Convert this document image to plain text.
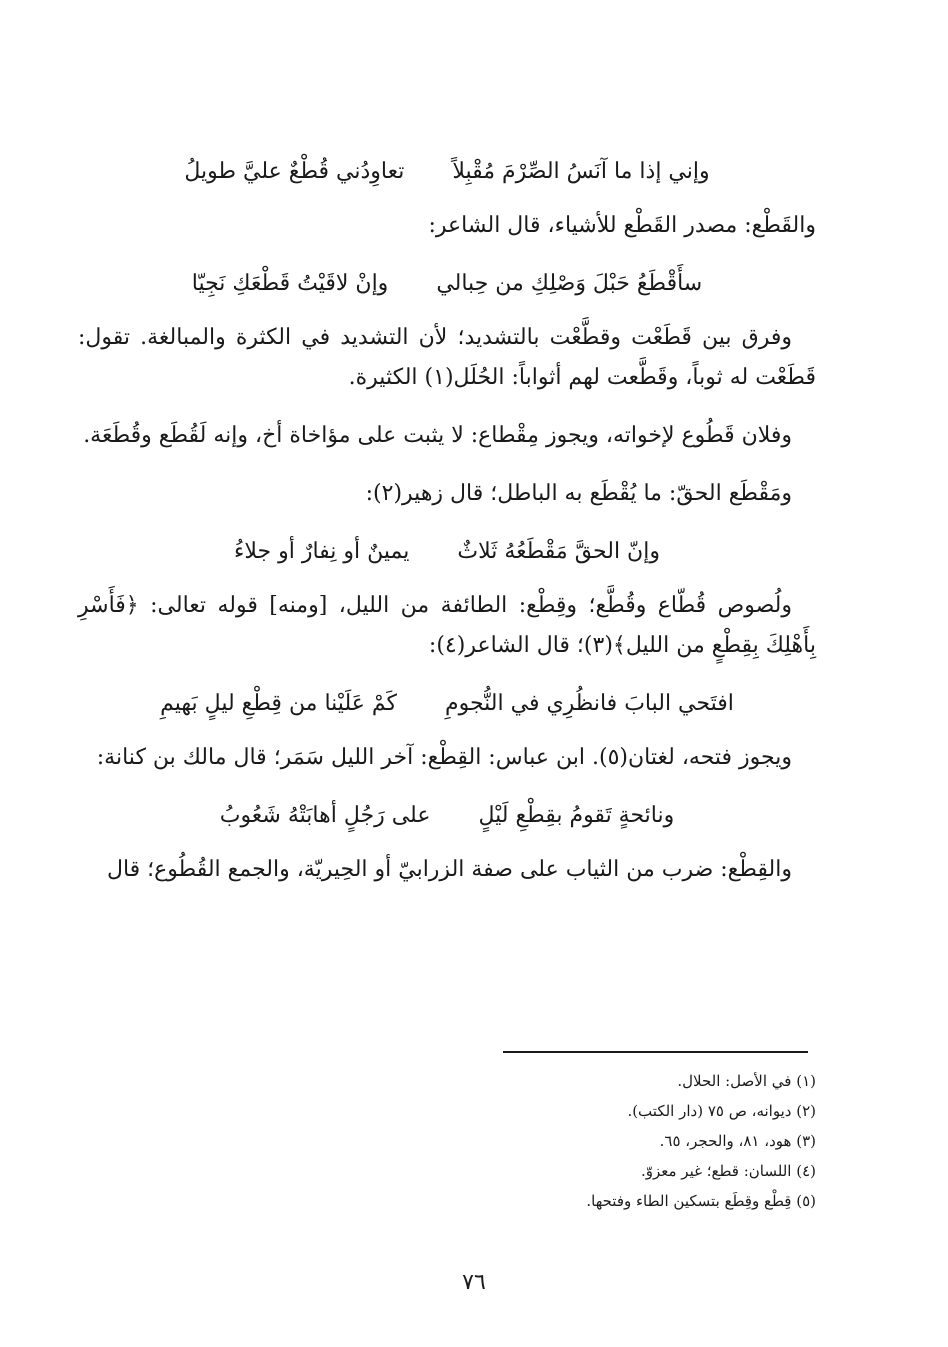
وإني إذا ما آنَسُ الصِّرْمَ مُقْبِلاً
تعاوِدُني قُطْعٌ عليَّ طويلُ

والقَطْع: مصدر القَطْع للأشياء، قال الشاعر:

سأَقْطَعُ حَبْلَ وَصْلِكِ من حِبالي
وإنْ لاقَيْتُ قَطْعَكِ نَجِيّا

وفرق بين قَطَعْت وقطَّعْت بالتشديد؛ لأن التشديد في الكثرة والمبالغة. تقول: قَطَعْت له ثوباً، وقَطَّعت لهم أثواباً: الحُلَل(١) الكثيرة.

وفلان قَطُوع لإخواته، ويجوز مِقْطاع: لا يثبت على مؤاخاة أخ، وإنه لَقُطَع وقُطَعَة.

ومَقْطَع الحقّ: ما يُقْطَع به الباطل؛ قال زهير(٢):

وإنّ الحقَّ مَقْطَعُهُ ثَلاثٌ
يمينٌ أو نِفارٌ أو جلاءُ

ولُصوص قُطّاع وقُطَّع؛ وقِطْع: الطائفة من الليل، [ومنه] قوله تعالى: ﴿فَأَسْرِ بِأَهْلِكَ بِقِطْعٍ من الليل﴾(٣)؛ قال الشاعر(٤):

افتَحي البابَ فانظُرِي في النُّجومِ
كَمْ عَلَيْنا من قِطْعِ ليلٍ بَهيمِ

ويجوز فتحه، لغتان(٥). ابن عباس: القِطْع: آخر الليل سَمَر؛ قال مالك بن كنانة:

ونائحةٍ تَقومُ بقِطْعِ لَيْلٍ
على رَجُلٍ أهابَتْهُ شَعُوبُ

والقِطْع: ضرب من الثياب على صفة الزرابيّ أو الحِيريّة، والجمع القُطُوع؛ قال

(١) في الأصل: الحلال.
(٢) ديوانه، ص ٧٥ (دار الكتب).
(٣) هود، ٨١، والحجر، ٦٥.
(٤) اللسان: قطع؛ غير معزوّ.
(٥) قِطْع وقِطَع بتسكين الطاء وفتحها.
٧٦
